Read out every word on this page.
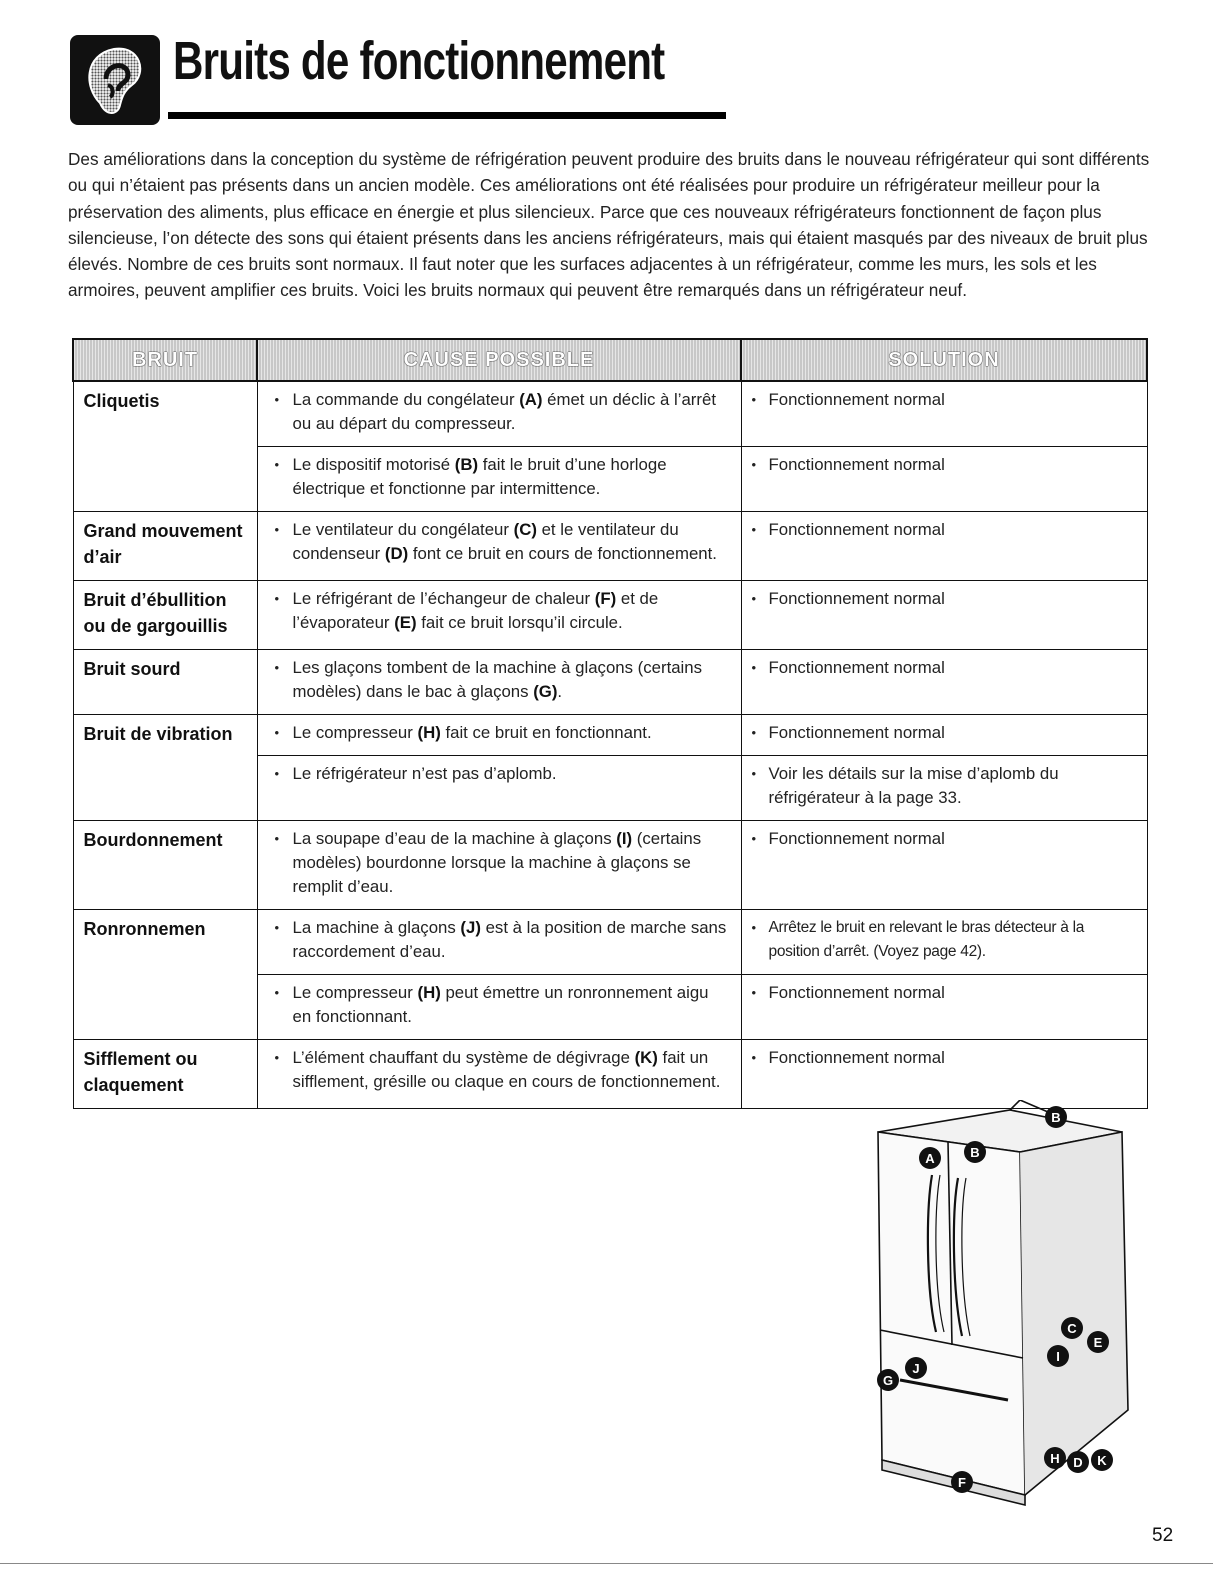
Bruits de fonctionnement

Des améliorations dans la conception du système de réfrigération peuvent produire des bruits dans le nouveau réfrigérateur qui sont différents ou qui n’étaient pas présents dans un ancien modèle. Ces améliorations ont été réalisées pour produire un réfrigérateur meilleur pour la préservation des aliments, plus efficace en énergie et plus silencieux. Parce que ces nouveaux réfrigérateurs fonctionnent de façon plus silencieuse, l’on détecte des sons qui étaient présents dans les anciens réfrigérateurs, mais qui étaient masqués par des niveaux de bruit plus élevés. Nombre de ces bruits sont normaux. Il faut noter que les surfaces adjacentes à un réfrigérateur, comme les murs, les sols et les armoires, peuvent amplifier ces bruits. Voici les bruits normaux qui peuvent être remarqués dans un réfrigérateur neuf.

BRUIT	CAUSE POSSIBLE	SOLUTION
Cliquetis	• La commande du congélateur (A) émet un déclic à l’arrêt ou au départ du compresseur.	• Fonctionnement normal
	• Le dispositif motorisé (B) fait le bruit d’une horloge électrique et fonctionne par intermittence.	• Fonctionnement normal
Grand mouvement d’air	• Le ventilateur du congélateur (C) et le ventilateur du condenseur (D) font ce bruit en cours de fonctionnement.	• Fonctionnement normal
Bruit d’ébullition ou de gargouillis	• Le réfrigérant de l’échangeur de chaleur (F) et de l’évaporateur (E) fait ce bruit lorsqu’il circule.	• Fonctionnement normal
Bruit sourd	• Les glaçons tombent de la machine à glaçons (certains modèles) dans le bac à glaçons (G).	• Fonctionnement normal
Bruit de vibration	• Le compresseur (H) fait ce bruit en fonctionnant.	• Fonctionnement normal
	• Le réfrigérateur n’est pas d’aplomb.	• Voir les détails sur la mise d’aplomb du réfrigérateur à la page 33.
Bourdonnement	• La soupape d’eau de la machine à glaçons (I) (certains modèles) bourdonne lorsque la machine à glaçons se remplit d’eau.	• Fonctionnement normal
Ronronnemen	• La machine à glaçons (J) est à la position de marche sans raccordement d’eau.	• Arrêtez le bruit en relevant le bras détecteur à la position d’arrêt. (Voyez page 42).
	• Le compresseur (H) peut émettre un ronronnement aigu en fonctionnant.	• Fonctionnement normal
Sifflement ou claquement	• L’élément chauffant du système de dégivrage (K) fait un sifflement, grésille ou claque en cours de fonctionnement.	• Fonctionnement normal
B
A	B
C
E
I
G
J
H D K
F
52
